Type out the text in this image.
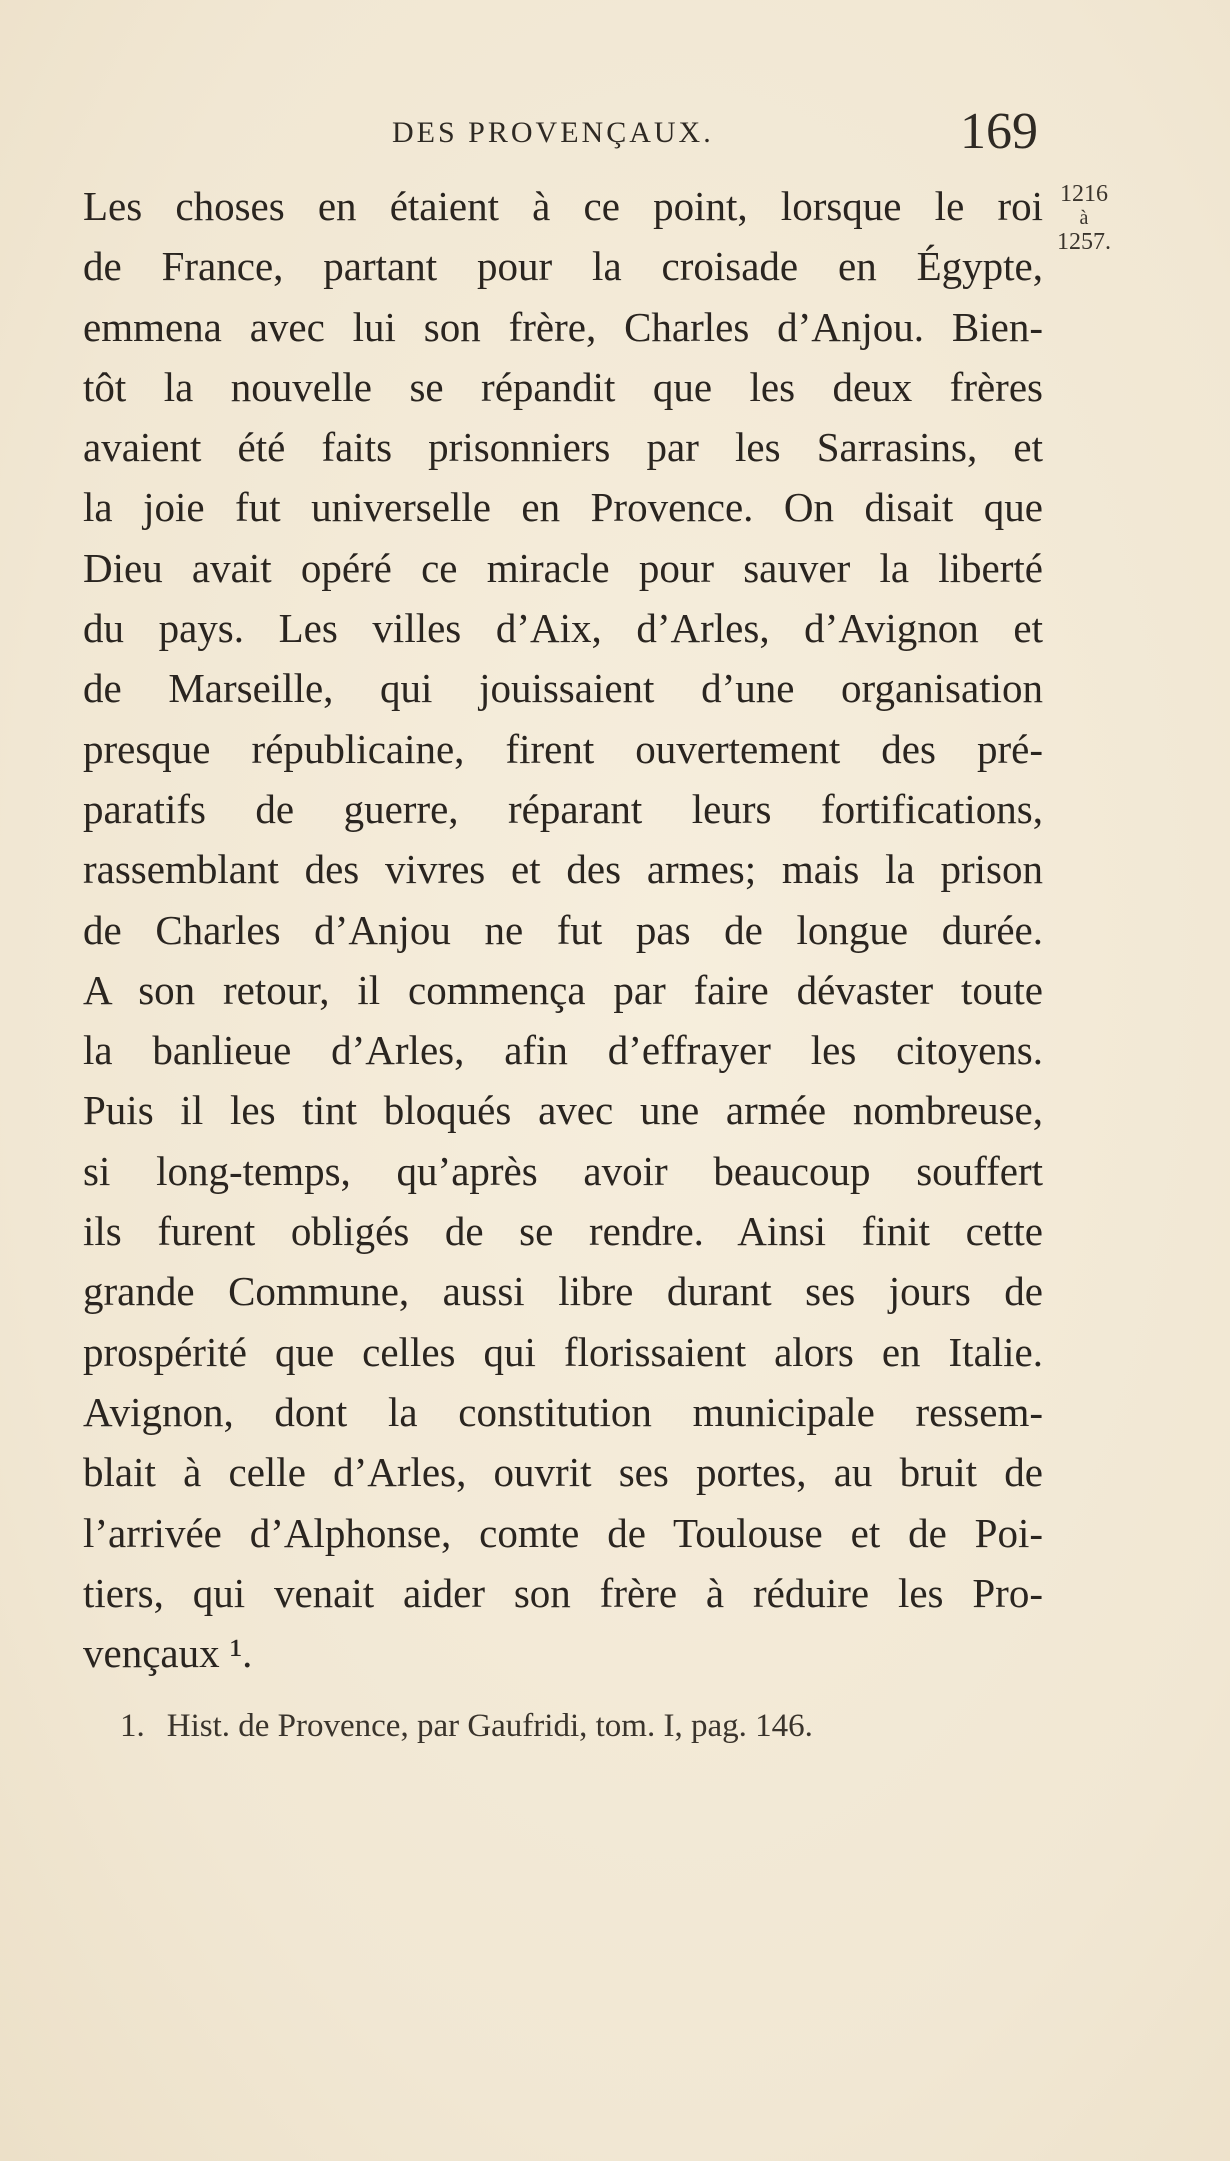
DES PROVENÇAUX.	169
1216
à
1257.
Les choses en étaient à ce point, lorsque le roi
de France, partant pour la croisade en Égypte,
emmena avec lui son frère, Charles d’Anjou. Bien-
tôt la nouvelle se répandit que les deux frères
avaient été faits prisonniers par les Sarrasins, et
la joie fut universelle en Provence. On disait que
Dieu avait opéré ce miracle pour sauver la liberté
du pays. Les villes d’Aix, d’Arles, d’Avignon et
de Marseille, qui jouissaient d’une organisation
presque républicaine, firent ouvertement des pré-
paratifs de guerre, réparant leurs fortifications,
rassemblant des vivres et des armes; mais la prison
de Charles d’Anjou ne fut pas de longue durée.
A son retour, il commença par faire dévaster toute
la banlieue d’Arles, afin d’effrayer les citoyens.
Puis il les tint bloqués avec une armée nombreuse,
si long-temps, qu’après avoir beaucoup souffert
ils furent obligés de se rendre. Ainsi finit cette
grande Commune, aussi libre durant ses jours de
prospérité que celles qui florissaient alors en Italie.
Avignon, dont la constitution municipale ressem-
blait à celle d’Arles, ouvrit ses portes, au bruit de
l’arrivée d’Alphonse, comte de Toulouse et de Poi-
tiers, qui venait aider son frère à réduire les Pro-
vençaux ¹.
1. Hist. de Provence, par Gaufridi, tom. I, pag. 146.
